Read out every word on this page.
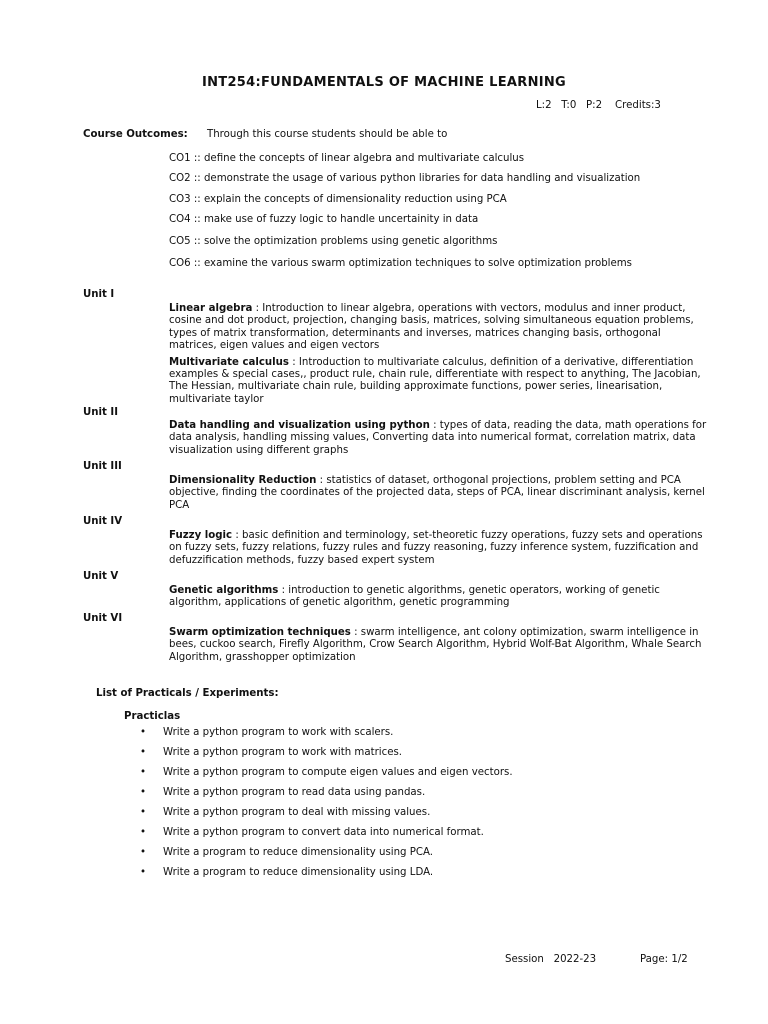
INT254:FUNDAMENTALS OF MACHINE LEARNING
L:2   T:0   P:2    Credits:3
Course Outcomes: Through this course students should be able to
CO1 :: define the concepts of linear algebra and multivariate calculus
CO2 :: demonstrate the usage of various python libraries for data handling and visualization
CO3 :: explain the concepts of dimensionality reduction using PCA
CO4 :: make use of fuzzy logic to handle uncertainity in data
CO5 :: solve the optimization problems using genetic algorithms
CO6 :: examine the various swarm optimization techniques to solve optimization problems
Unit I

Linear algebra : Introduction to linear algebra, operations with vectors, modulus and inner product, cosine and dot product, projection, changing basis, matrices, solving simultaneous equation problems, types of matrix transformation, determinants and inverses, matrices changing basis, orthogonal matrices, eigen values and eigen vectors

Multivariate calculus : Introduction to multivariate calculus, definition of a derivative, differentiation examples & special cases,, product rule, chain rule, differentiate with respect to anything, The Jacobian, The Hessian, multivariate chain rule, building approximate functions, power series, linearisation, multivariate taylor

Unit II

Data handling and visualization using python : types of data, reading the data, math operations for data analysis, handling missing values, Converting data into numerical format, correlation matrix, data visualization using different graphs

Unit III

Dimensionality Reduction : statistics of dataset, orthogonal projections, problem setting and PCA objective, finding the coordinates of the projected data, steps of PCA, linear discriminant analysis, kernel PCA

Unit IV

Fuzzy logic : basic definition and terminology, set-theoretic fuzzy operations, fuzzy sets and operations on fuzzy sets, fuzzy relations, fuzzy rules and fuzzy reasoning, fuzzy inference system, fuzzification and defuzzification methods, fuzzy based expert system

Unit V

Genetic algorithms : introduction to genetic algorithms, genetic operators, working of genetic algorithm, applications of genetic algorithm, genetic programming

Unit VI

Swarm optimization techniques : swarm intelligence, ant colony optimization, swarm intelligence in bees, cuckoo search, Firefly Algorithm, Crow Search Algorithm, Hybrid Wolf-Bat Algorithm, Whale Search Algorithm, grasshopper optimization

List of Practicals / Experiments:
Practiclas
• Write a python program to work with scalers.
• Write a python program to work with matrices.
• Write a python program to compute eigen values and eigen vectors.
• Write a python program to read data using pandas.
• Write a python program to deal with missing values.
• Write a python program to convert data into numerical format.
• Write a program to reduce dimensionality using PCA.
• Write a program to reduce dimensionality using LDA.
Session   2022-23	Page: 1/2
